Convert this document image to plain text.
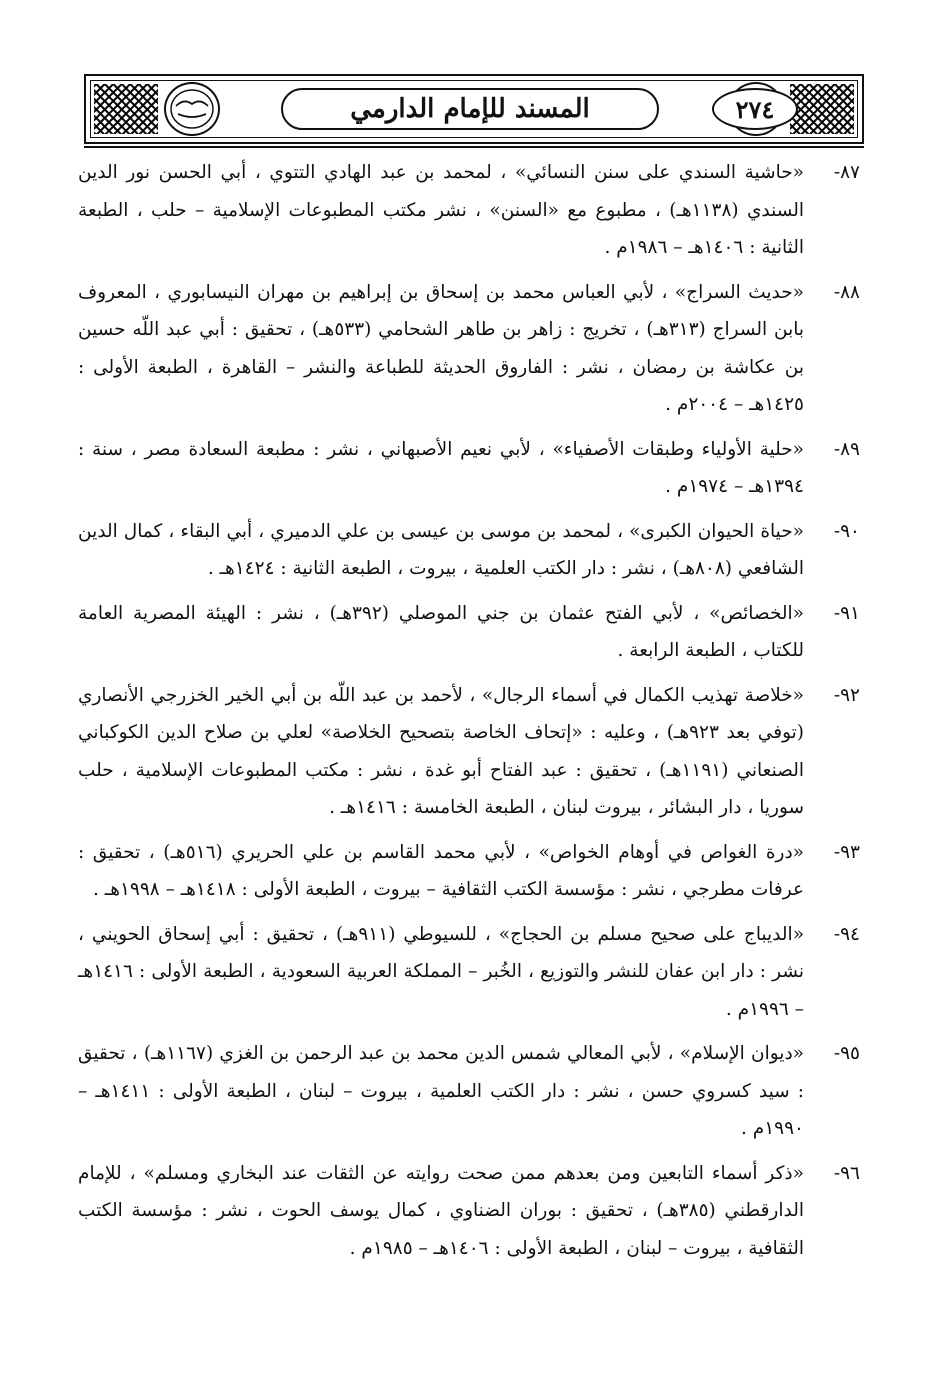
المسند للإمام الدارمي	٢٧٤
٨٧-
«حاشية السندي على سنن النسائي» ، لمحمد بن عبد الهادي التتوي ، أبي الحسن نور الدين السندي (١١٣٨هـ) ، مطبوع مع «السنن» ، نشر مكتب المطبوعات الإسلامية – حلب ، الطبعة الثانية : ١٤٠٦هـ – ١٩٨٦م .
٨٨-
«حديث السراج» ، لأبي العباس محمد بن إسحاق بن إبراهيم بن مهران النيسابوري ، المعروف بابن السراج (٣١٣هـ) ، تخريج : زاهر بن طاهر الشحامي (٥٣٣هـ) ، تحقيق : أبي عبد اللّه حسين بن عكاشة بن رمضان ، نشر : الفاروق الحديثة للطباعة والنشر – القاهرة ، الطبعة الأولى : ١٤٢٥هـ – ٢٠٠٤م .
٨٩-
«حلية الأولياء وطبقات الأصفياء» ، لأبي نعيم الأصبهاني ، نشر : مطبعة السعادة مصر ، سنة : ١٣٩٤هـ – ١٩٧٤م .
٩٠-
«حياة الحيوان الكبرى» ، لمحمد بن موسى بن عيسى بن علي الدميري ، أبي البقاء ، كمال الدين الشافعي (٨٠٨هـ) ، نشر : دار الكتب العلمية ، بيروت ، الطبعة الثانية : ١٤٢٤هـ .
٩١-
«الخصائص» ، لأبي الفتح عثمان بن جني الموصلي (٣٩٢هـ) ، نشر : الهيئة المصرية العامة للكتاب ، الطبعة الرابعة .
٩٢-
«خلاصة تهذيب الكمال في أسماء الرجال» ، لأحمد بن عبد اللّه بن أبي الخير الخزرجي الأنصاري (توفي بعد ٩٢٣هـ) ، وعليه : «إتحاف الخاصة بتصحيح الخلاصة» لعلي بن صلاح الدين الكوكباني الصنعاني (١١٩١هـ) ، تحقيق : عبد الفتاح أبو غدة ، نشر : مكتب المطبوعات الإسلامية ، حلب سوريا ، دار البشائر ، بيروت لبنان ، الطبعة الخامسة : ١٤١٦هـ .
٩٣-
«درة الغواص في أوهام الخواص» ، لأبي محمد القاسم بن علي الحريري (٥١٦هـ) ، تحقيق : عرفات مطرجي ، نشر : مؤسسة الكتب الثقافية – بيروت ، الطبعة الأولى : ١٤١٨هـ – ١٩٩٨هـ .
٩٤-
«الديباج على صحيح مسلم بن الحجاج» ، للسيوطي (٩١١هـ) ، تحقيق : أبي إسحاق الحويني ، نشر : دار ابن عفان للنشر والتوزيع ، الخُبر – المملكة العربية السعودية ، الطبعة الأولى : ١٤١٦هـ – ١٩٩٦م .
٩٥-
«ديوان الإسلام» ، لأبي المعالي شمس الدين محمد بن عبد الرحمن بن الغزي (١١٦٧هـ) ، تحقيق : سيد كسروي حسن ، نشر : دار الكتب العلمية ، بيروت – لبنان ، الطبعة الأولى : ١٤١١هـ – ١٩٩٠م .
٩٦-
«ذكر أسماء التابعين ومن بعدهم ممن صحت روايته عن الثقات عند البخاري ومسلم» ، للإمام الدارقطني (٣٨٥هـ) ، تحقيق : بوران الضناوي ، كمال يوسف الحوت ، نشر : مؤسسة الكتب الثقافية ، بيروت – لبنان ، الطبعة الأولى : ١٤٠٦هـ – ١٩٨٥م .
